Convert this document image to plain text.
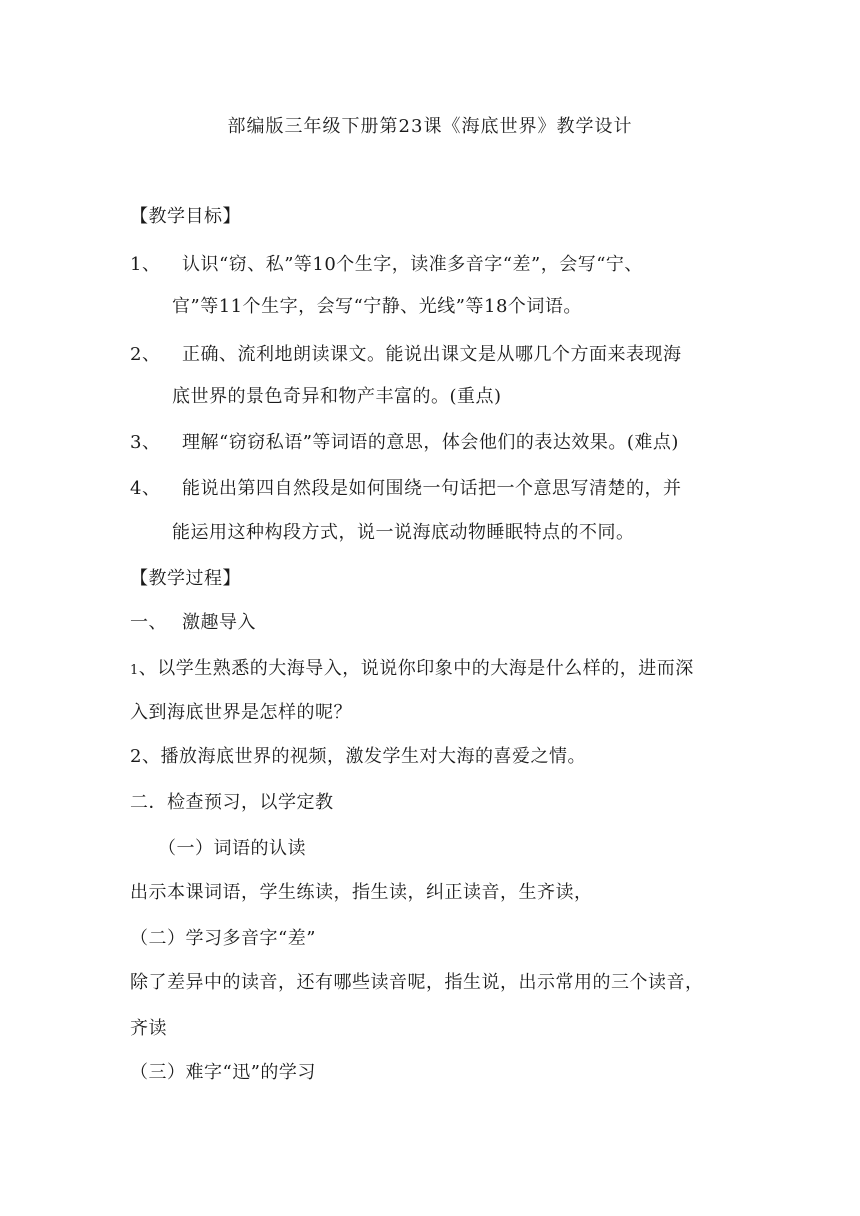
部编版三年级下册第23课《海底世界》教学设计
【教学目标】
1、 认识“窃、私”等10个生字，读准多音字“差”，会写“宁、
官”等11个生字，会写“宁静、光线”等18个词语。
2、 正确、流利地朗读课文。能说出课文是从哪几个方面来表现海
底世界的景色奇异和物产丰富的。(重点)
3、 理解“窃窃私语”等词语的意思，体会他们的表达效果。(难点)
4、 能说出第四自然段是如何围绕一句话把一个意思写清楚的，并
能运用这种构段方式，说一说海底动物睡眠特点的不同。
【教学过程】
一、 激趣导入
1、以学生熟悉的大海导入，说说你印象中的大海是什么样的，进而深
入到海底世界是怎样的呢？
2、播放海底世界的视频，激发学生对大海的喜爱之情。
二．检查预习，以学定教
（一）词语的认读
出示本课词语，学生练读，指生读，纠正读音，生齐读，
（二）学习多音字“差”
除了差异中的读音，还有哪些读音呢，指生说，出示常用的三个读音，
齐读
（三）难字“迅”的学习
